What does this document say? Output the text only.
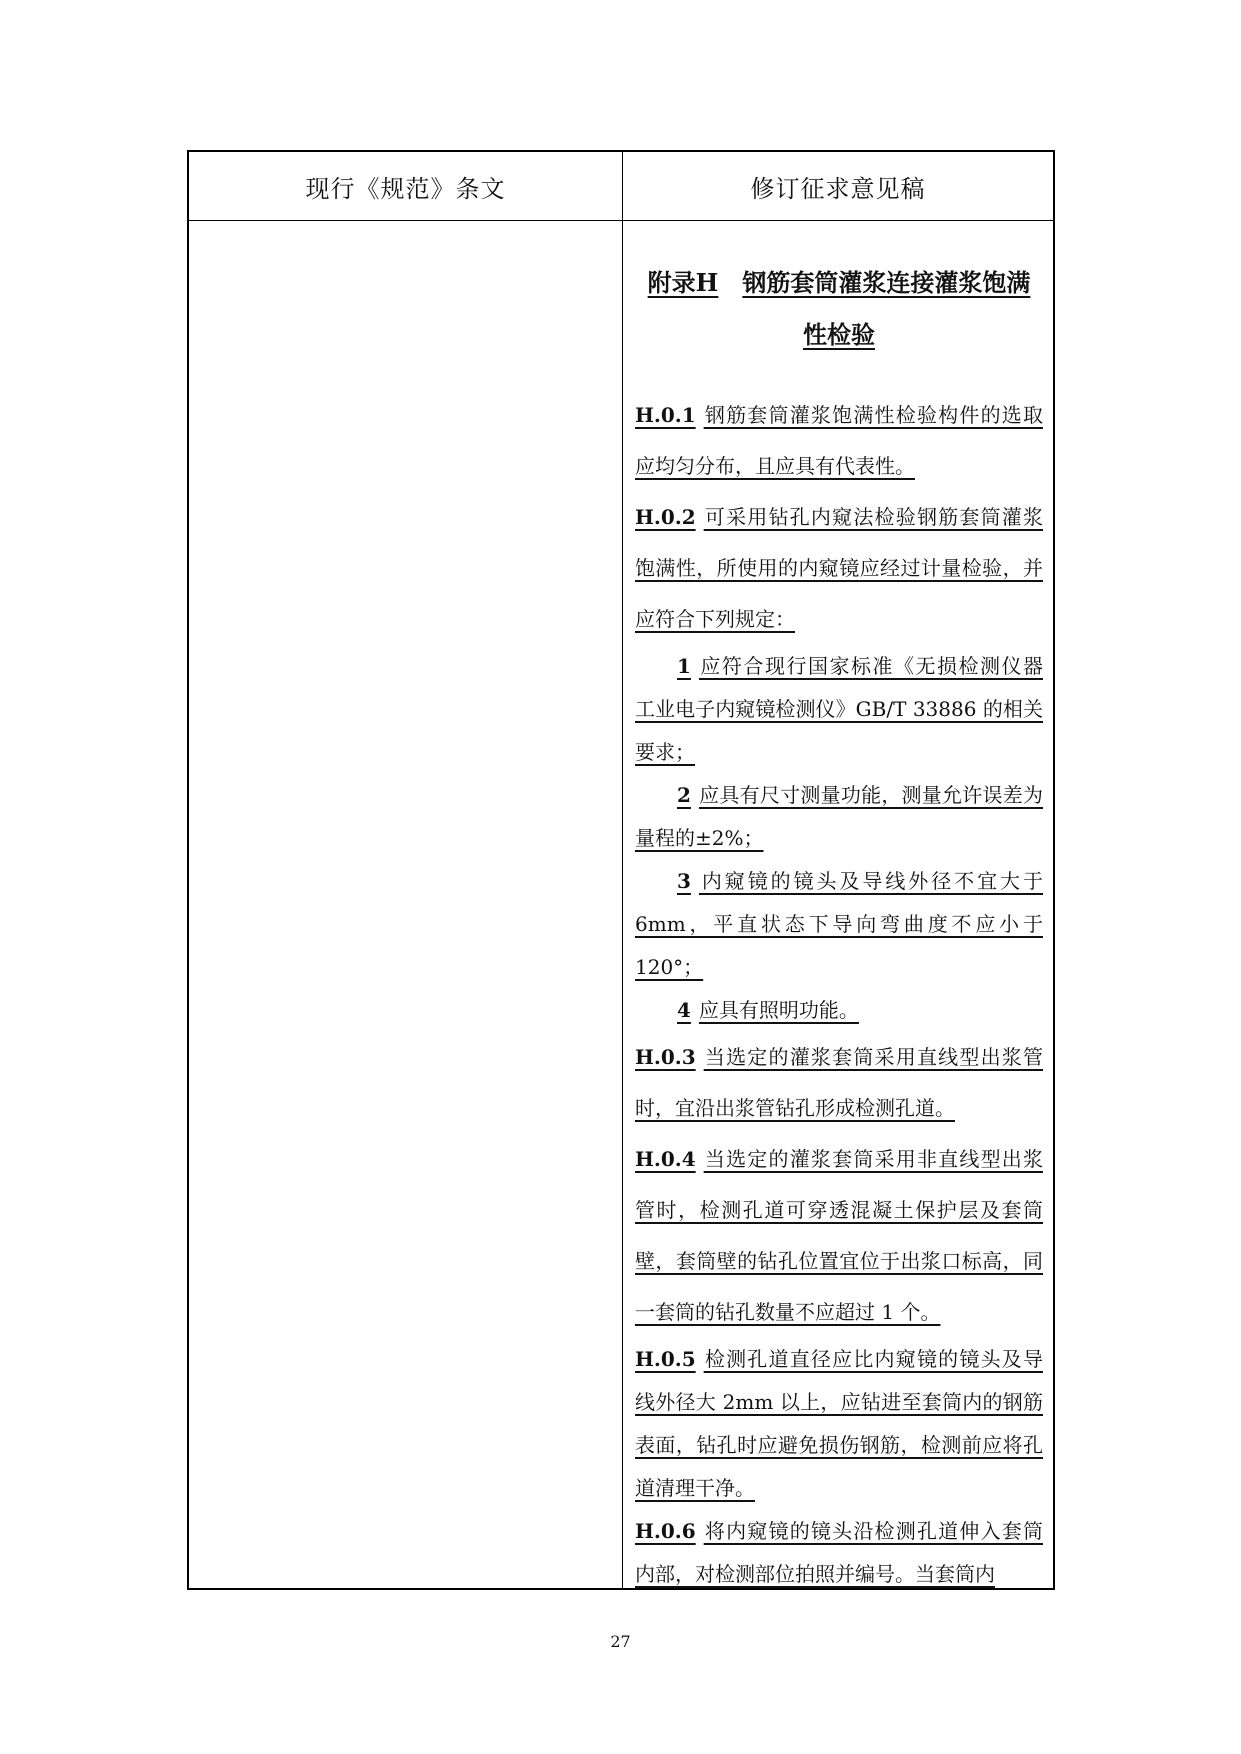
现行《规范》条文	修订征求意见稿
附录H 钢筋套筒灌浆连接灌浆饱满
性检验
H.0.1 钢筋套筒灌浆饱满性检验构件的选取应均匀分布，且应具有代表性。
H.0.2 可采用钻孔内窥法检验钢筋套筒灌浆饱满性，所使用的内窥镜应经过计量检验，并应符合下列规定：
1 应符合现行国家标准《无损检测仪器 工业电子内窥镜检测仪》GB/T 33886 的相关要求；
2 应具有尺寸测量功能，测量允许误差为量程的±2%；
3 内窥镜的镜头及导线外径不宜大于6mm，平直状态下导向弯曲度不应小于120°；
4 应具有照明功能。
H.0.3 当选定的灌浆套筒采用直线型出浆管时，宜沿出浆管钻孔形成检测孔道。
H.0.4 当选定的灌浆套筒采用非直线型出浆管时，检测孔道可穿透混凝土保护层及套筒壁，套筒壁的钻孔位置宜位于出浆口标高，同一套筒的钻孔数量不应超过 1 个。
H.0.5 检测孔道直径应比内窥镜的镜头及导线外径大 2mm 以上，应钻进至套筒内的钢筋表面，钻孔时应避免损伤钢筋，检测前应将孔道清理干净。
H.0.6 将内窥镜的镜头沿检测孔道伸入套筒内部，对检测部位拍照并编号。当套筒内
27
